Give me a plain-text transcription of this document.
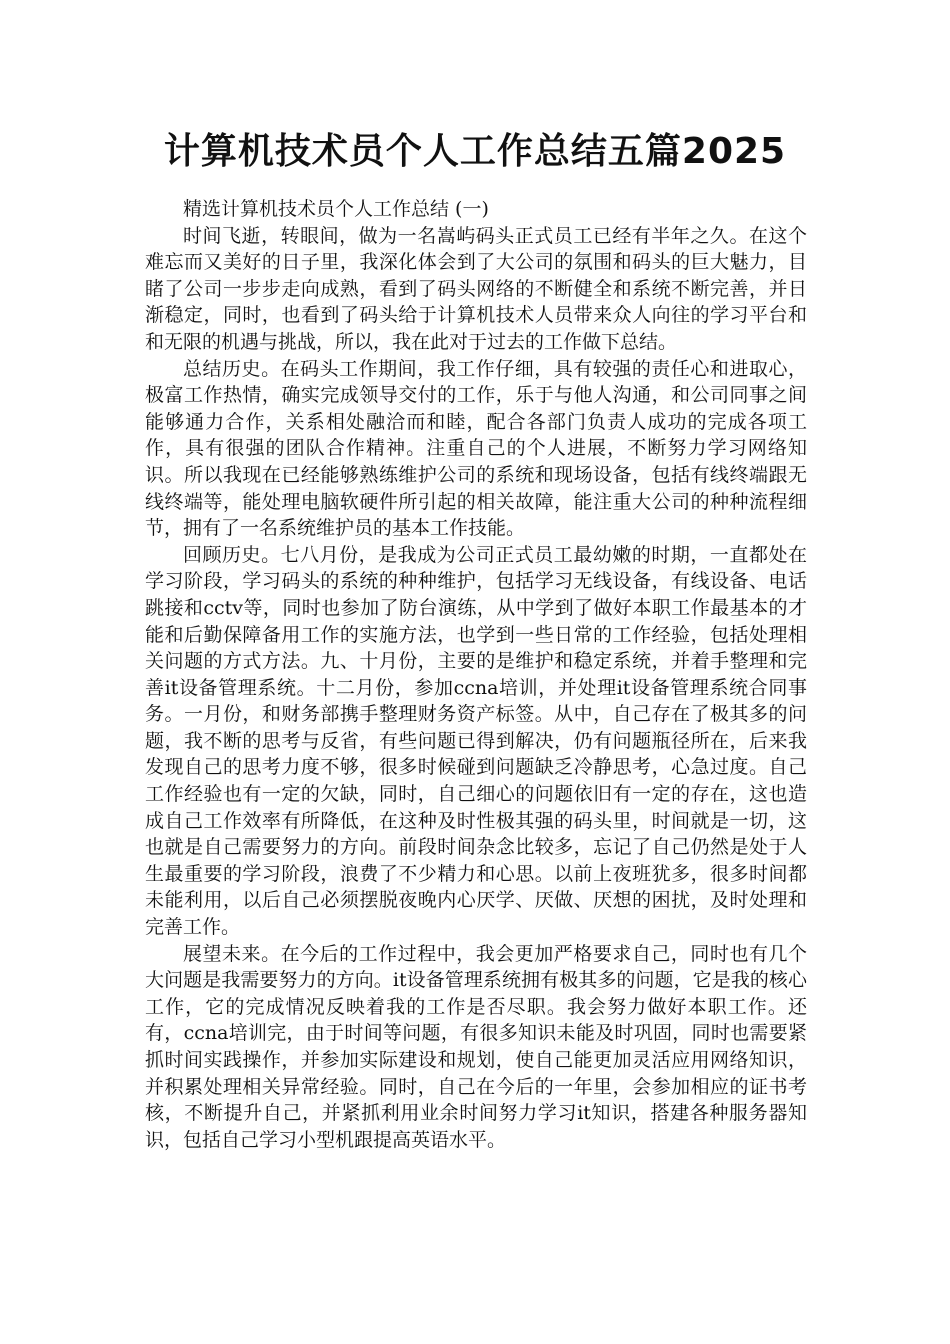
计算机技术员个人工作总结五篇2025

精选计算机技术员个人工作总结 (一)

时间飞逝，转眼间，做为一名嵩屿码头正式员工已经有半年之久。在这个难忘而又美好的日子里，我深化体会到了大公司的氛围和码头的巨大魅力，目睹了公司一步步走向成熟，看到了码头网络的不断健全和系统不断完善，并日渐稳定，同时，也看到了码头给于计算机技术人员带来众人向往的学习平台和和无限的机遇与挑战，所以，我在此对于过去的工作做下总结。

总结历史。在码头工作期间，我工作仔细，具有较强的责任心和进取心，极富工作热情，确实完成领导交付的工作，乐于与他人沟通，和公司同事之间能够通力合作，关系相处融洽而和睦，配合各部门负责人成功的完成各项工作，具有很强的团队合作精神。注重自己的个人进展，不断努力学习网络知识。所以我现在已经能够熟练维护公司的系统和现场设备，包括有线终端跟无线终端等，能处理电脑软硬件所引起的相关故障，能注重大公司的种种流程细节，拥有了一名系统维护员的基本工作技能。

回顾历史。七八月份，是我成为公司正式员工最幼嫩的时期，一直都处在学习阶段，学习码头的系统的种种维护，包括学习无线设备，有线设备、电话跳接和cctv等，同时也参加了防台演练，从中学到了做好本职工作最基本的才能和后勤保障备用工作的实施方法，也学到一些日常的工作经验，包括处理相关问题的方式方法。九、十月份，主要的是维护和稳定系统，并着手整理和完善it设备管理系统。十二月份，参加ccna培训，并处理it设备管理系统合同事务。一月份，和财务部携手整理财务资产标签。从中，自己存在了极其多的问题，我不断的思考与反省，有些问题已得到解决，仍有问题瓶径所在，后来我发现自己的思考力度不够，很多时候碰到问题缺乏冷静思考，心急过度。自己工作经验也有一定的欠缺，同时，自己细心的问题依旧有一定的存在，这也造成自己工作效率有所降低，在这种及时性极其强的码头里，时间就是一切，这也就是自己需要努力的方向。前段时间杂念比较多，忘记了自己仍然是处于人生最重要的学习阶段，浪费了不少精力和心思。以前上夜班犹多，很多时间都未能利用，以后自己必须摆脱夜晚内心厌学、厌做、厌想的困扰，及时处理和完善工作。

展望未来。在今后的工作过程中，我会更加严格要求自己，同时也有几个大问题是我需要努力的方向。it设备管理系统拥有极其多的问题，它是我的核心工作，它的完成情况反映着我的工作是否尽职。我会努力做好本职工作。还有，ccna培训完，由于时间等问题，有很多知识未能及时巩固，同时也需要紧抓时间实践操作，并参加实际建设和规划，使自己能更加灵活应用网络知识，并积累处理相关异常经验。同时，自己在今后的一年里，会参加相应的证书考核，不断提升自己，并紧抓利用业余时间努力学习it知识，搭建各种服务器知识，包括自己学习小型机跟提高英语水平。
